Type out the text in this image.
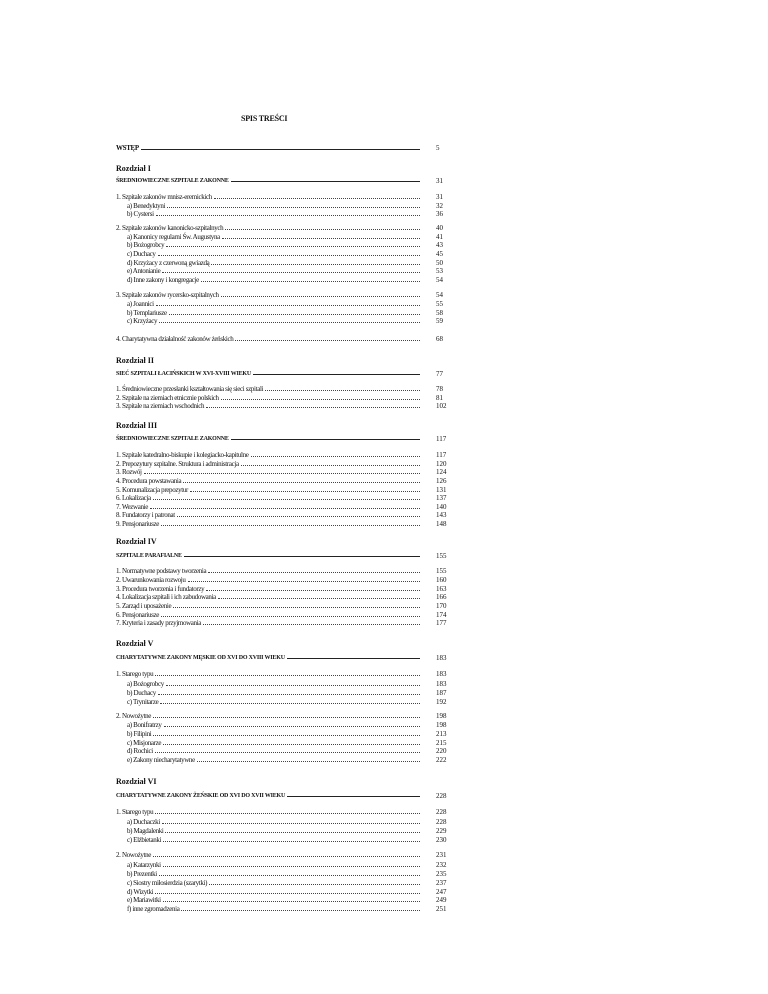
SPIS TREŚCI
WSTĘP	5
Rozdział I
ŚREDNIOWIECZNE SZPITALE ZAKONNE	31
1. Szpitale zakonów mnisz-eremickich	31
a) Benedyktyni	32
b) Cystersi	36
2. Szpitale zakonów kanonicko-szpitalnych	40
a) Kanonicy regularni Św. Augustyna	41
b) Bożogrobcy	43
c) Duchacy	45
d) Krzyżacy z czerwoną gwiazdą	50
e) Antonianie	53
d) Inne zakony i kongregacje	54
3. Szpitale zakonów rycersko-szpitalnych	54
a) Joannici	55
b) Templariusze	58
c) Krzyżacy	59
4. Charytatywna działalność zakonów żeńskich	68
Rozdział II
SIEĆ SZPITALI ŁACIŃSKICH W XVI-XVIII WIEKU	77
1. Średniowieczne przesłanki kształtowania się sieci szpitali	78
2. Szpitale na ziemiach etnicznie polskich	81
3. Szpitale na ziemiach wschodnich	102
Rozdział III
ŚREDNIOWIECZNE SZPITALE ZAKONNE	117
1. Szpitale katedralno-biskupie i kolegiacko-kapitulne	117
2. Prepozytury szpitalne. Struktura i administracja	120
3. Rozwój	124
4. Procedura powstawania	126
5. Komunalizacja prepozytur	131
6. Lokalizacja	137
7. Wezwanie	140
8. Fundatorzy i patronat	143
9. Pensjonariusze	148
Rozdział IV
SZPITALE PARAFIALNE	155
1. Normatywne podstawy tworzenia	155
2. Uwarunkowania rozwoju	160
3. Procedura tworzenia i fundatorzy	163
4. Lokalizacja szpitali i ich zabudowania	166
5. Zarząd i uposażenie	170
6. Pensjonariusze	174
7. Kryteria i zasady przyjmowania	177
Rozdział V
CHARYTATYWNE ZAKONY MĘSKIE OD XVI DO XVIII WIEKU	183
1. Starego typu	183
a) Bożogrobcy	183
b) Duchacy	187
c) Trynitarze	192
2. Nowożytne	198
a) Bonifratrzy	198
b) Filipini	213
c) Misjonarze	215
d) Rochici	220
e) Zakony niecharytatywne	222
Rozdział VI
CHARYTATYWNE ZAKONY ŻEŃSKIE OD XVI DO XVII WIEKU	228
1. Starego typu	228
a) Duchaczki	228
b) Magdalenki	229
c) Elżbietanki	230
2. Nowożytne	231
a) Katarzynki	232
b) Prezentki	235
c) Siostry miłosierdzia (szarytki)	237
d) Wizytki	247
e) Mariawitki	249
f) inne zgromadzenia	251
